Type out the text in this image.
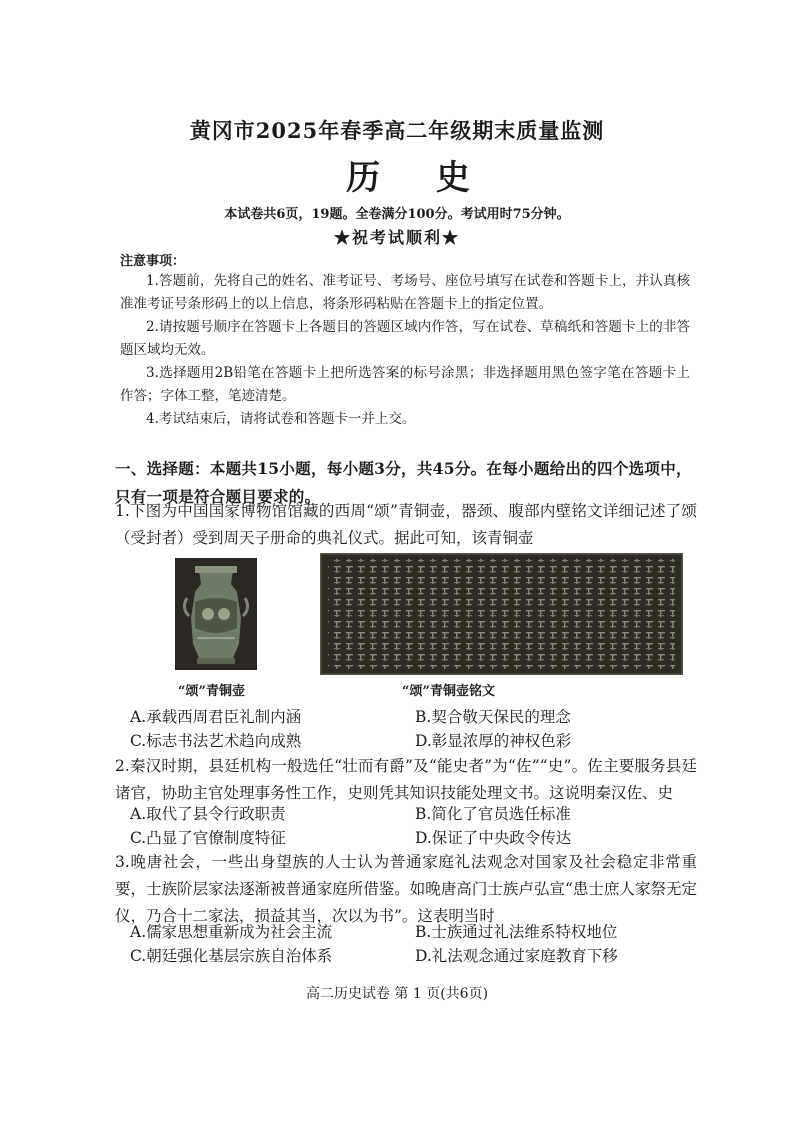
黄冈市2025年春季高二年级期末质量监测
历 史
本试卷共6页，19题。全卷满分100分。考试用时75分钟。
★祝考试顺利★
注意事项：
1.答题前，先将自己的姓名、准考证号、考场号、座位号填写在试卷和答题卡上，并认真核准准考证号条形码上的以上信息，将条形码粘贴在答题卡上的指定位置。
2.请按题号顺序在答题卡上各题目的答题区域内作答，写在试卷、草稿纸和答题卡上的非答题区域均无效。
3.选择题用2B铅笔在答题卡上把所选答案的标号涂黑；非选择题用黑色签字笔在答题卡上作答；字体工整，笔迹清楚。
4.考试结束后，请将试卷和答题卡一并上交。
一、选择题：本题共15小题，每小题3分，共45分。在每小题给出的四个选项中，只有一项是符合题目要求的。
1.下图为中国国家博物馆馆藏的西周“颂”青铜壶，器颈、腹部内壁铭文详细记述了颂（受封者）受到周天子册命的典礼仪式。据此可知，该青铜壶
“颂”青铜壶	“颂”青铜壶铭文
A.承载西周君臣礼制内涵	B.契合敬天保民的理念
C.标志书法艺术趋向成熟	D.彰显浓厚的神权色彩
2.秦汉时期，县廷机构一般选任“壮而有爵”及“能史者”为“佐”“史”。佐主要服务县廷诸官，协助主官处理事务性工作，史则凭其知识技能处理文书。这说明秦汉佐、史
A.取代了县令行政职责	B.简化了官员选任标准
C.凸显了官僚制度特征	D.保证了中央政令传达
3.晚唐社会，一些出身望族的人士认为普通家庭礼法观念对国家及社会稳定非常重要，士族阶层家法逐渐被普通家庭所借鉴。如晚唐高门士族卢弘宣“患士庶人家祭无定仪，乃合十二家法，损益其当，次以为书”。这表明当时
A.儒家思想重新成为社会主流	B.士族通过礼法维系特权地位
C.朝廷强化基层宗族自治体系	D.礼法观念通过家庭教育下移
高二历史试卷 第 1 页(共6页)
